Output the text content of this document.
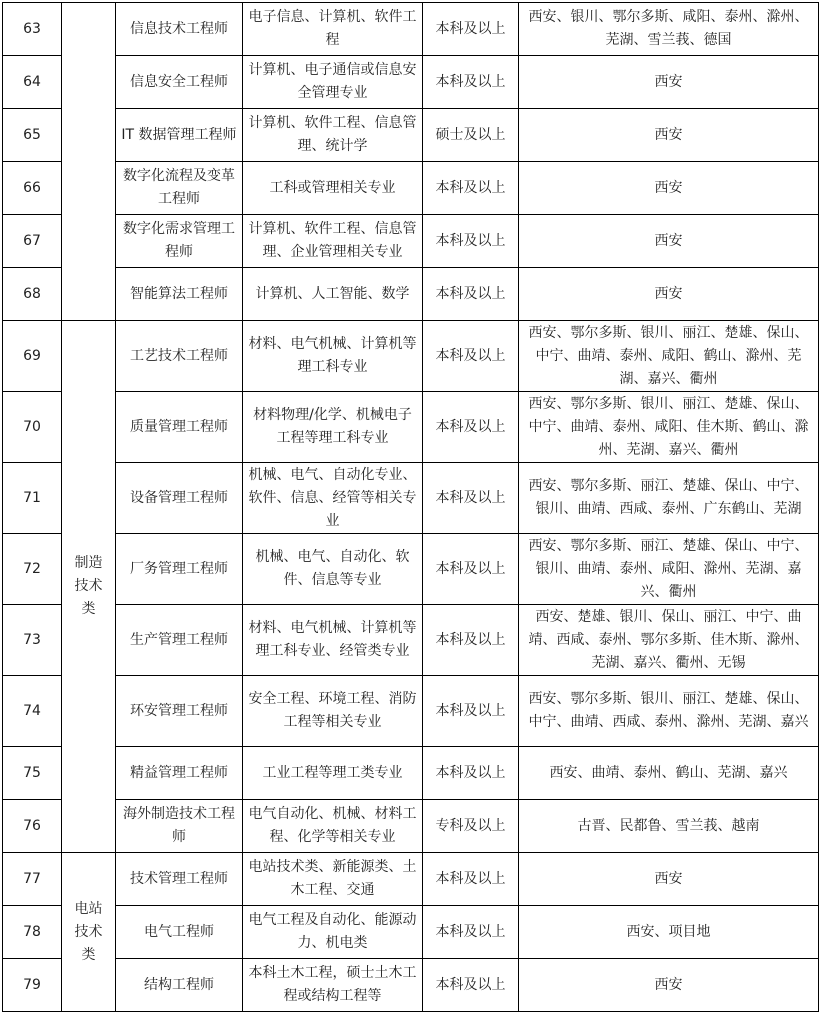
63		信息技术工程师	电子信息、计算机、软件工程	本科及以上	西安、银川、鄂尔多斯、咸阳、泰州、滁州、芜湖、雪兰莪、德国
64		信息安全工程师	计算机、电子通信或信息安全管理专业	本科及以上	西安
65		IT 数据管理工程师	计算机、软件工程、信息管理、统计学	硕士及以上	西安
66		数字化流程及变革工程师	工科或管理相关专业	本科及以上	西安
67		数字化需求管理工程师	计算机、软件工程、信息管理、企业管理相关专业	本科及以上	西安
68		智能算法工程师	计算机、人工智能、数学	本科及以上	西安
69	制造技术类	工艺技术工程师	材料、电气机械、计算机等理工科专业	本科及以上	西安、鄂尔多斯、银川、丽江、楚雄、保山、中宁、曲靖、泰州、咸阳、鹤山、滁州、芜湖、嘉兴、衢州
70		质量管理工程师	材料物理/化学、机械电子工程等理工科专业	本科及以上	西安、鄂尔多斯、银川、丽江、楚雄、保山、中宁、曲靖、泰州、咸阳、佳木斯、鹤山、滁州、芜湖、嘉兴、衢州
71		设备管理工程师	机械、电气、自动化专业、软件、信息、经管等相关专业	本科及以上	西安、鄂尔多斯、丽江、楚雄、保山、中宁、银川、曲靖、西咸、泰州、广东鹤山、芜湖
72		厂务管理工程师	机械、电气、自动化、软件、信息等专业	本科及以上	西安、鄂尔多斯、丽江、楚雄、保山、中宁、银川、曲靖、泰州、咸阳、滁州、芜湖、嘉兴、衢州
73		生产管理工程师	材料、电气机械、计算机等理工科专业、经管类专业	本科及以上	西安、楚雄、银川、保山、丽江、中宁、曲靖、西咸、泰州、鄂尔多斯、佳木斯、滁州、芜湖、嘉兴、衢州、无锡
74		环安管理工程师	安全工程、环境工程、消防工程等相关专业	本科及以上	西安、鄂尔多斯、银川、丽江、楚雄、保山、中宁、曲靖、西咸、泰州、滁州、芜湖、嘉兴
75		精益管理工程师	工业工程等理工类专业	本科及以上	西安、曲靖、泰州、鹤山、芜湖、嘉兴
76		海外制造技术工程师	电气自动化、机械、材料工程、化学等相关专业	专科及以上	古晋、民都鲁、雪兰莪、越南
77	电站技术类	技术管理工程师	电站技术类、新能源类、土木工程、交通	本科及以上	西安
78		电气工程师	电气工程及自动化、能源动力、机电类	本科及以上	西安、项目地
79		结构工程师	本科土木工程，硕士土木工程或结构工程等	本科及以上	西安
